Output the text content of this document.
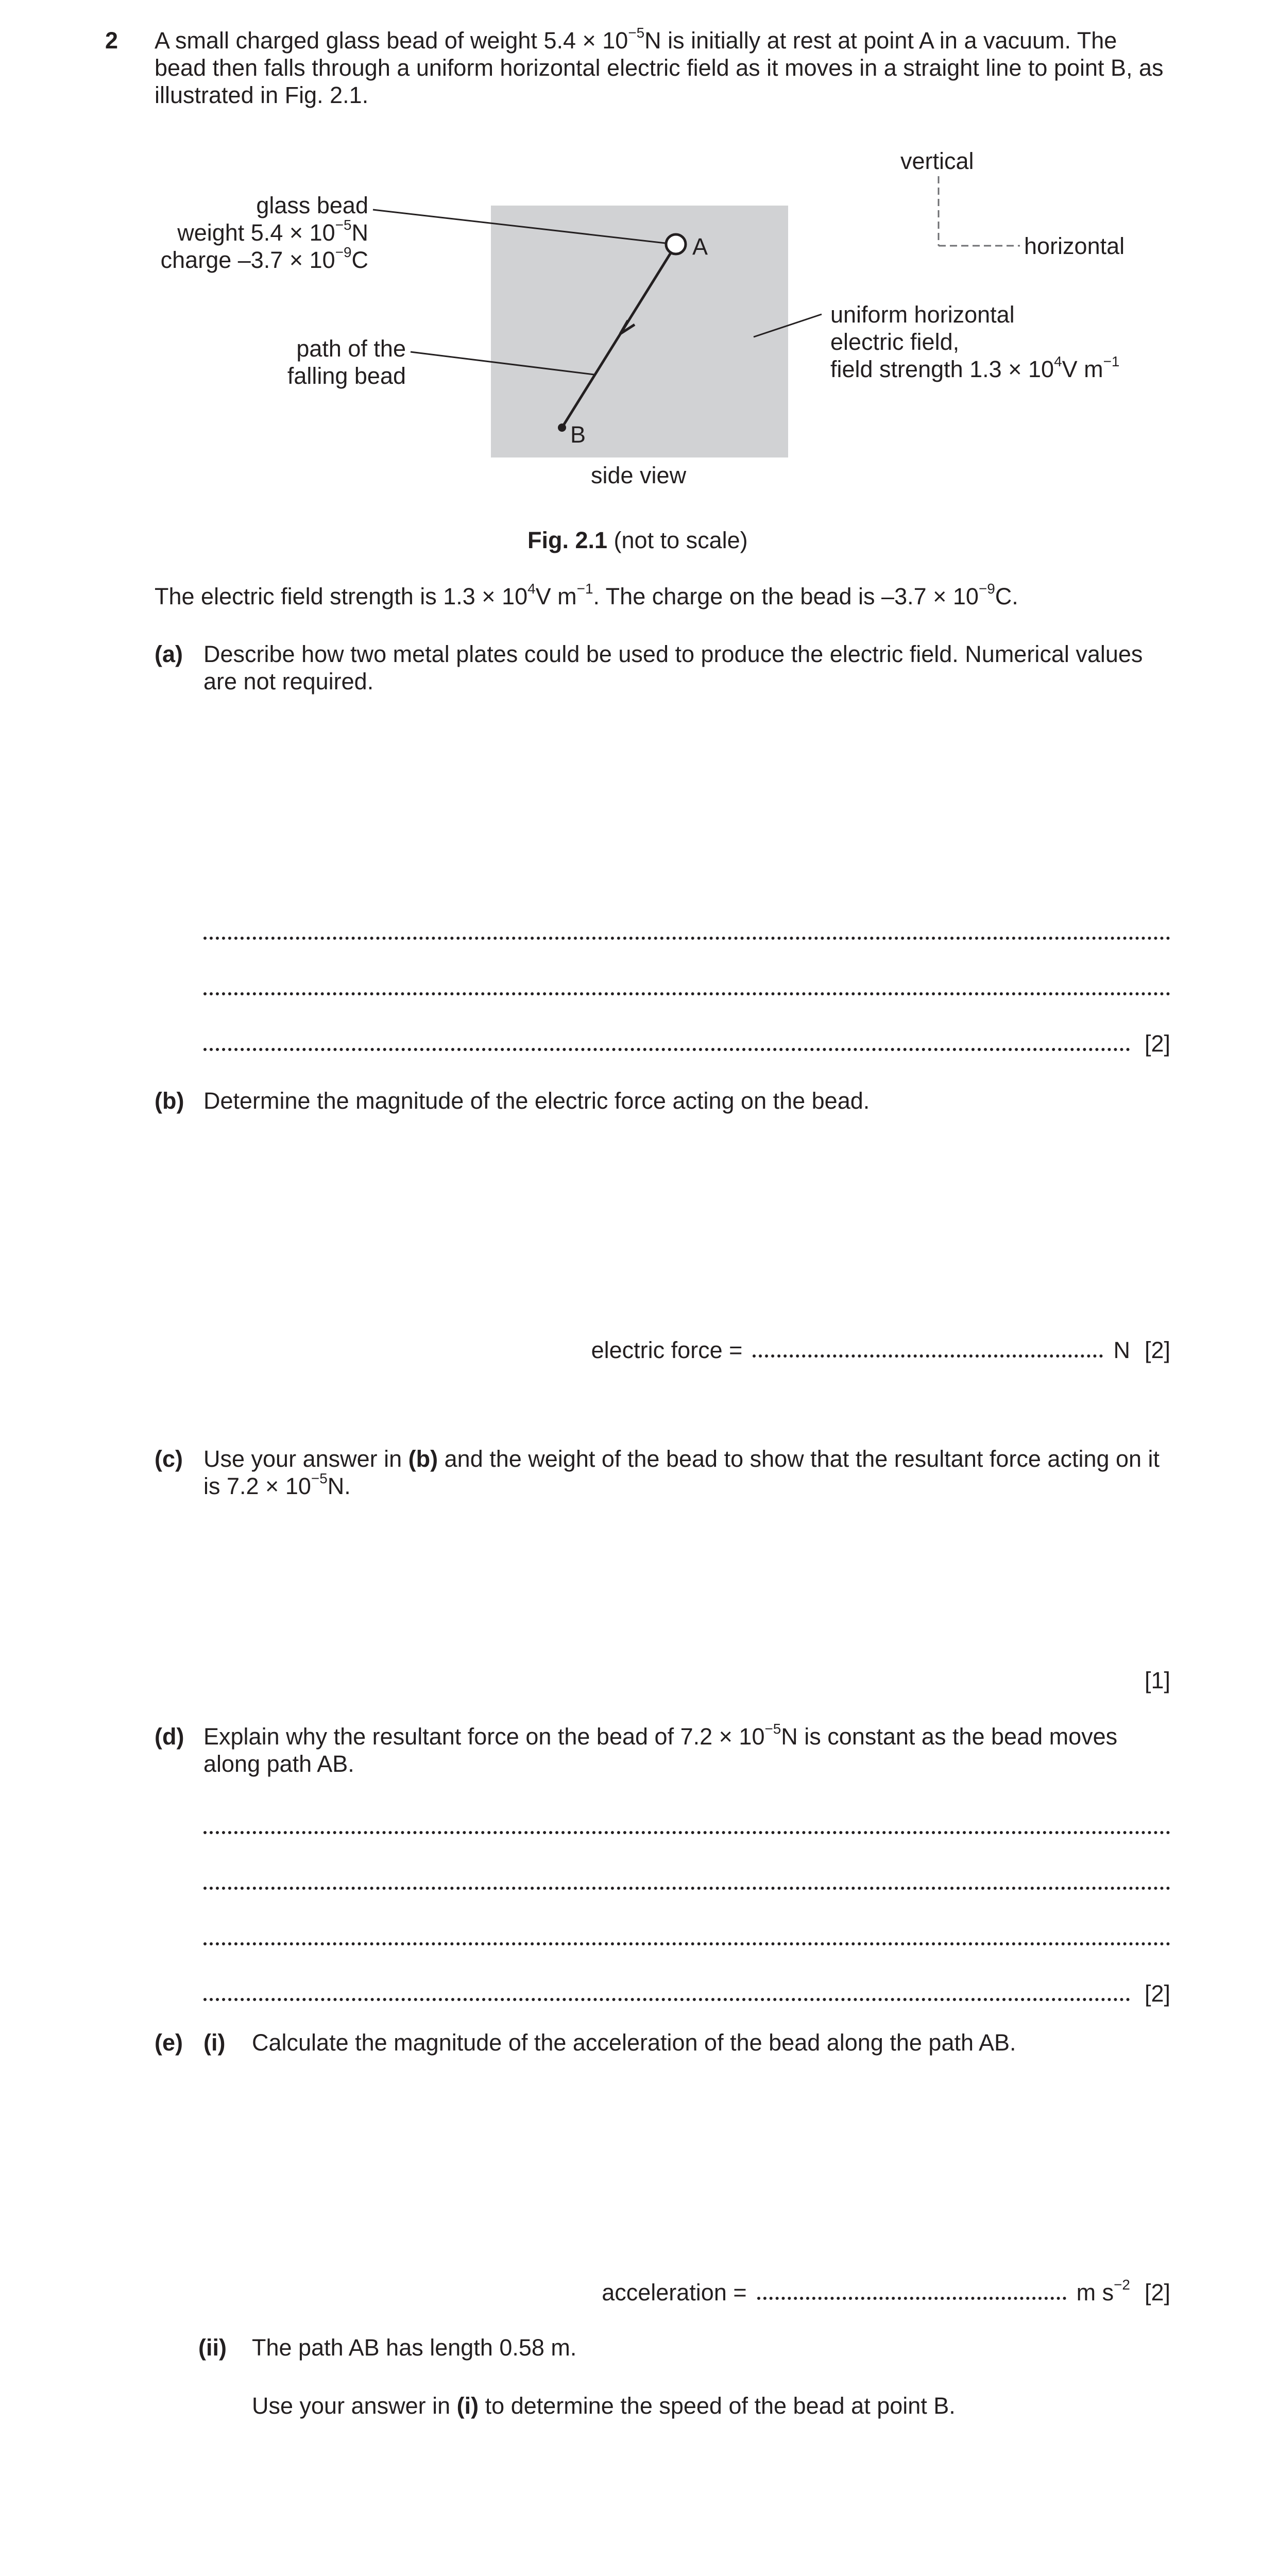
2 A small charged glass bead of weight $5.4 \times 10^{-5}N$ is initially at rest at point A in a vacuum. The
bead then falls through a uniform horizontal electric field as it moves in a straight line to point B, as
illustrated in Fig. 2.1.
A
B
glass bead
weight $5.4 \times 10^{-5}N$
charge $-3.7 \times 10^{-9}C$
path of the
falling bead
vertical
horizontal
uniform horizontal
electric field,
field strength $1.3 \times 10^4V$ $m^{-1}$
side view
Fig. 2.1 (not to scale)
The electric field strength is $1.3 \times 10^4V$ $m^{-1}$. The charge on the bead is $-3.7 \times 10^{-9}C$.
(a) Describe how two metal plates could be used to produce the electric field. Numerical values
are not required.
[2]
(b) Determine the magnitude of the electric force acting on the bead.
electric force =	N [2]
(c) Use your answer in (b) and the weight of the bead to show that the resultant force acting on it
is $7.2 \times 10^{-5}N$.
[1]
(d) Explain why the resultant force on the bead of $7.2 \times 10^{-5}N$ is constant as the bead moves
along path AB.
[2]
(e) (i) Calculate the magnitude of the acceleration of the bead along the path AB.
acceleration =	m $s^{-2}$ [2]
(ii) The path AB has length 0.58 m.
Use your answer in (i) to determine the speed of the bead at point B.
